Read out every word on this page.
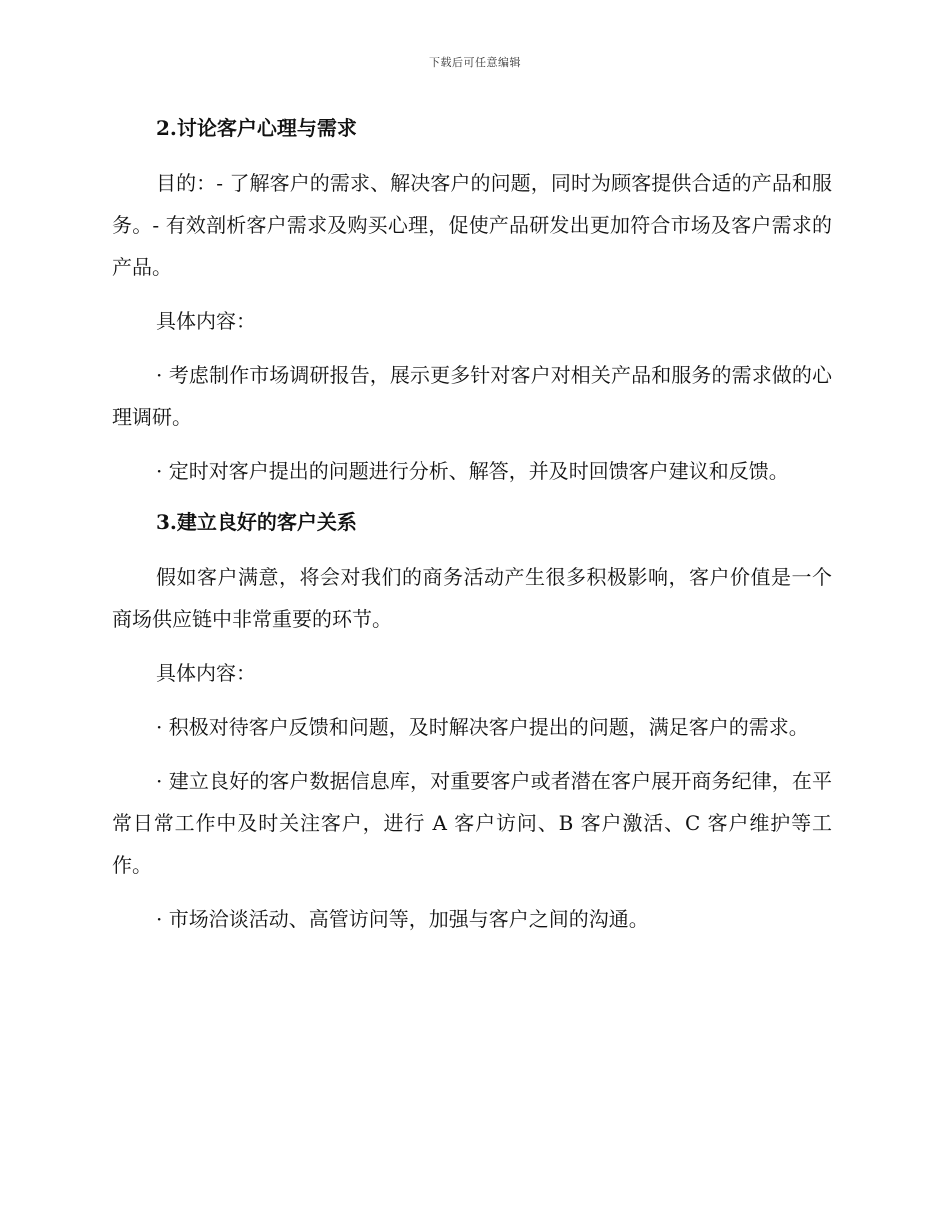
下载后可任意编辑
2.讨论客户心理与需求

目的：- 了解客户的需求、解决客户的问题，同时为顾客提供合适的产品和服务。- 有效剖析客户需求及购买心理，促使产品研发出更加符合市场及客户需求的产品。

具体内容：

· 考虑制作市场调研报告，展示更多针对客户对相关产品和服务的需求做的心理调研。

· 定时对客户提出的问题进行分析、解答，并及时回馈客户建议和反馈。

3.建立良好的客户关系

假如客户满意，将会对我们的商务活动产生很多积极影响，客户价值是一个商场供应链中非常重要的环节。

具体内容：

· 积极对待客户反馈和问题，及时解决客户提出的问题，满足客户的需求。

· 建立良好的客户数据信息库，对重要客户或者潜在客户展开商务纪律，在平常日常工作中及时关注客户，进行 A 客户访问、B 客户激活、C 客户维护等工作。

· 市场洽谈活动、高管访问等，加强与客户之间的沟通。
